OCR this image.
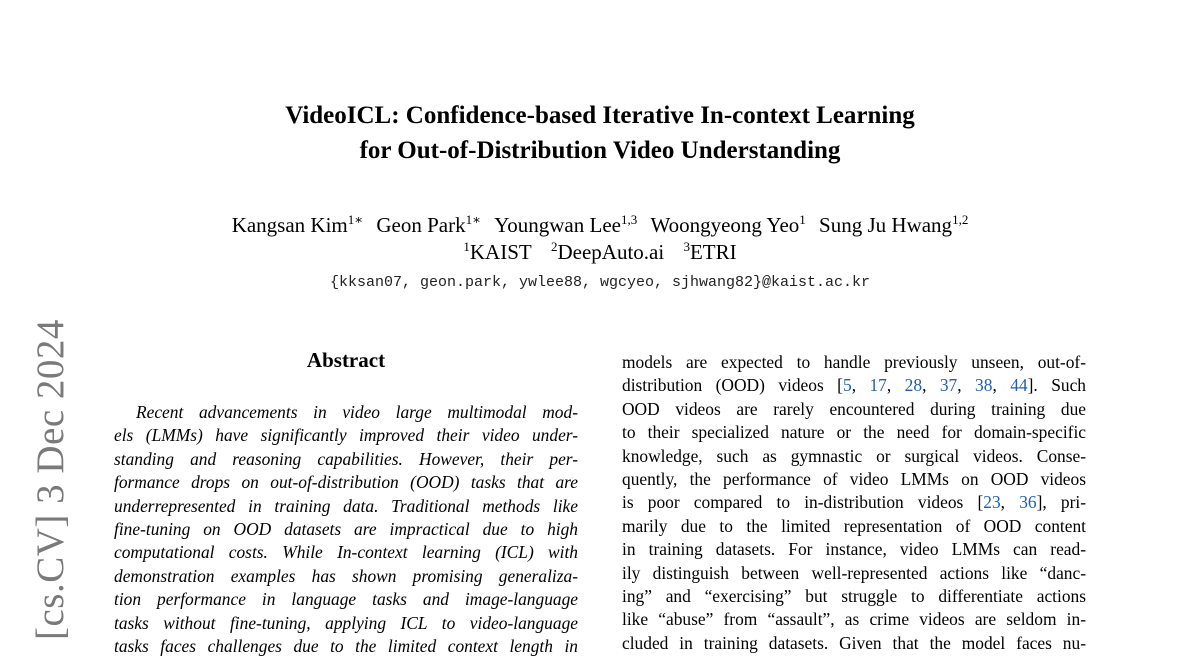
[cs.CV] 3 Dec 2024
VideoICL: Confidence-based Iterative In-context Learning
for Out-of-Distribution Video Understanding
Kangsan Kim$^{1∗}$ Geon Park$^{1∗}$ Youngwan Lee$^{1,3}$ Woongyeong Yeo$^1$ Sung Ju Hwang$^{1,2}$
$^1$KAIST $^2$DeepAuto.ai $^3$ETRI
{kksan07, geon.park, ywlee88, wgcyeo, sjhwang82}@kaist.ac.kr
Abstract
Recent advancements in video large multimodal mod-
els (LMMs) have significantly improved their video under-
standing and reasoning capabilities. However, their per-
formance drops on out-of-distribution (OOD) tasks that are
underrepresented in training data. Traditional methods like
fine-tuning on OOD datasets are impractical due to high
computational costs. While In-context learning (ICL) with
demonstration examples has shown promising generaliza-
tion performance in language tasks and image-language
tasks without fine-tuning, applying ICL to video-language
tasks faces challenges due to the limited context length in
models are expected to handle previously unseen, out-of-
distribution (OOD) videos [5, 17, 28, 37, 38, 44]. Such
OOD videos are rarely encountered during training due
to their specialized nature or the need for domain-specific
knowledge, such as gymnastic or surgical videos. Conse-
quently, the performance of video LMMs on OOD videos
is poor compared to in-distribution videos [23, 36], pri-
marily due to the limited representation of OOD content
in training datasets. For instance, video LMMs can read-
ily distinguish between well-represented actions like “danc-
ing” and “exercising” but struggle to differentiate actions
like “abuse” from “assault”, as crime videos are seldom in-
cluded in training datasets. Given that the model faces nu-
